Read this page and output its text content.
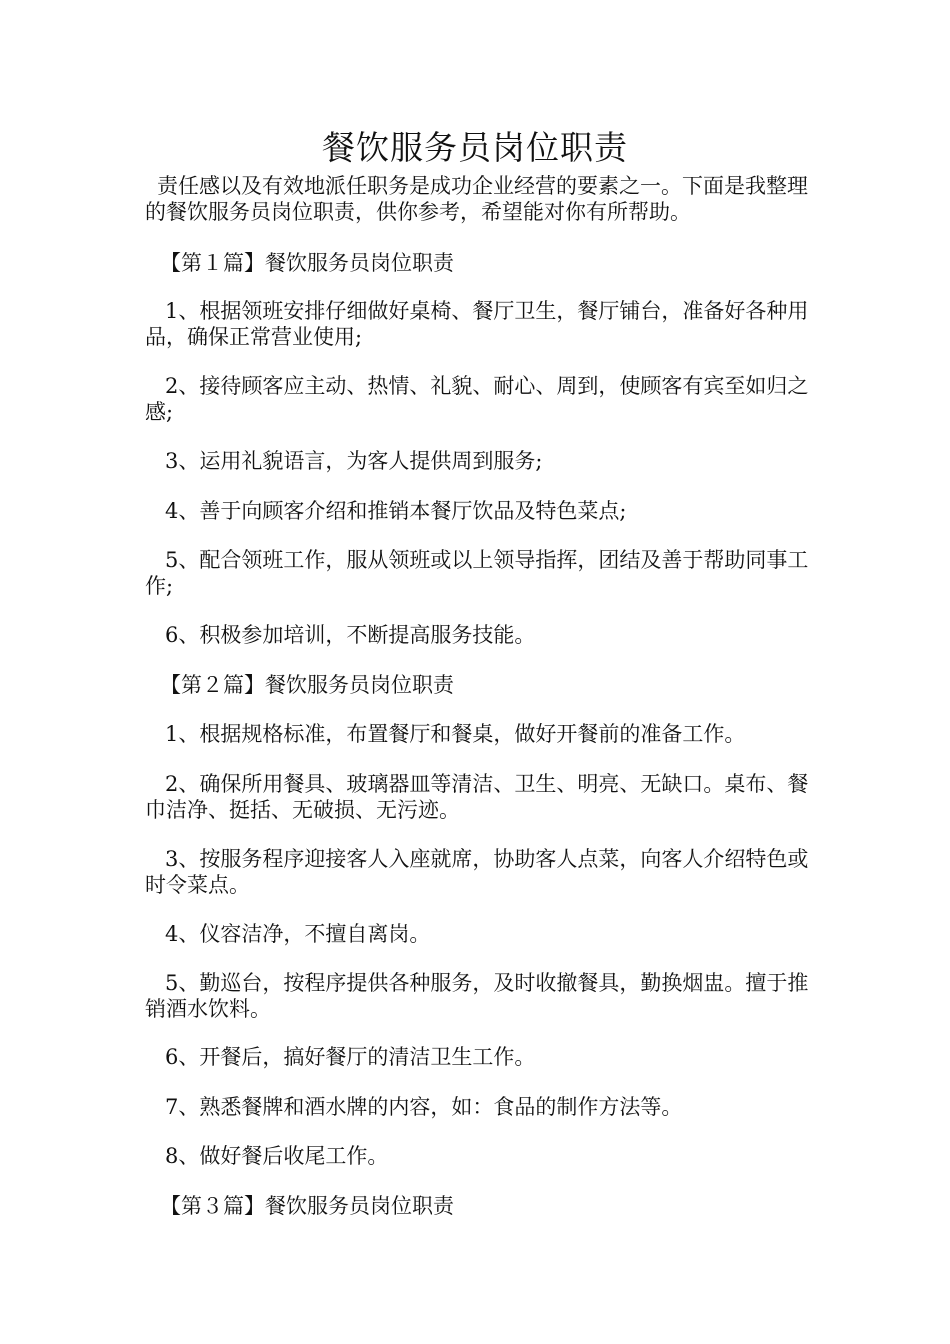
餐饮服务员岗位职责

责任感以及有效地派任职务是成功企业经营的要素之一。下面是我整理的餐饮服务员岗位职责，供你参考，希望能对你有所帮助。

【第１篇】餐饮服务员岗位职责

1、根据领班安排仔细做好桌椅、餐厅卫生，餐厅铺台，准备好各种用品，确保正常营业使用;

2、接待顾客应主动、热情、礼貌、耐心、周到，使顾客有宾至如归之感;

3、运用礼貌语言，为客人提供周到服务;

4、善于向顾客介绍和推销本餐厅饮品及特色菜点;

5、配合领班工作，服从领班或以上领导指挥，团结及善于帮助同事工作;

6、积极参加培训，不断提高服务技能。

【第２篇】餐饮服务员岗位职责

1、根据规格标准，布置餐厅和餐桌，做好开餐前的准备工作。

2、确保所用餐具、玻璃器皿等清洁、卫生、明亮、无缺口。桌布、餐巾洁净、挺括、无破损、无污迹。

3、按服务程序迎接客人入座就席，协助客人点菜，向客人介绍特色或时令菜点。

4、仪容洁净，不擅自离岗。

5、勤巡台，按程序提供各种服务，及时收撤餐具，勤换烟盅。擅于推销酒水饮料。

6、开餐后，搞好餐厅的清洁卫生工作。

7、熟悉餐牌和酒水牌的内容，如：食品的制作方法等。

8、做好餐后收尾工作。

【第３篇】餐饮服务员岗位职责
